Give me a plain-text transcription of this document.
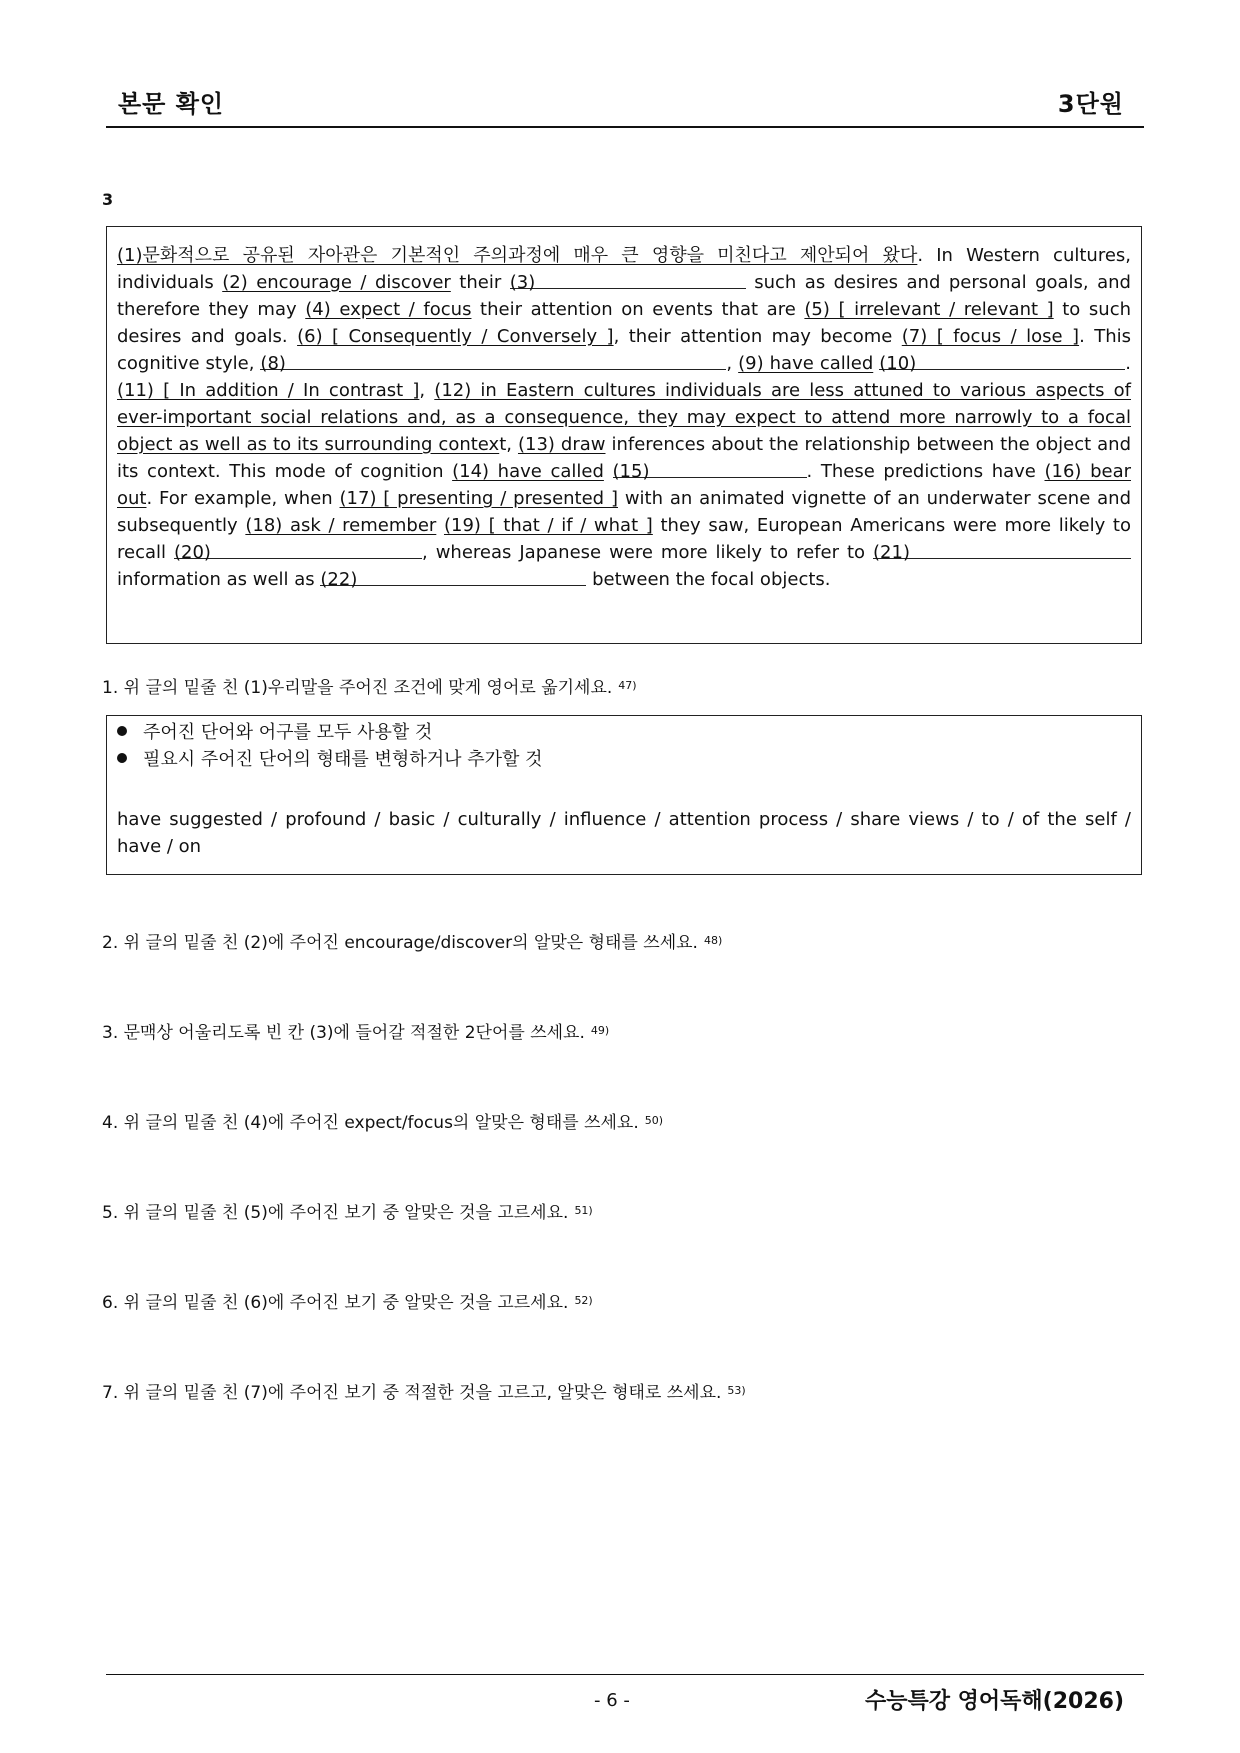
본문 확인	3단원
3
(1)문화적으로 공유된 자아관은 기본적인 주의과정에 매우 큰 영향을 미친다고 제안되어 왔다. In Western cultures,
individuals (2) encourage / discover their (3)	such as desires and personal goals, and
therefore they may (4) expect / focus their attention on events that are (5) [ irrelevant / relevant ] to such
desires and goals. (6) [ Consequently / Conversely ], their attention may become (7) [ focus / lose ]. This
cognitive style, (8)	, (9) have called (10)	.
(11) [ In addition / In contrast ], (12) in Eastern cultures individuals are less attuned to various aspects of
ever-important social relations and, as a consequence, they may expect to attend more narrowly to a focal
object as well as to its surrounding context, (13) draw inferences about the relationship between the object and
its context. This mode of cognition (14) have called (15)	. These predictions have (16) bear
out. For example, when (17) [ presenting / presented ] with an animated vignette of an underwater scene and
subsequently (18) ask / remember (19) [ that / if / what ] they saw, European Americans were more likely to
recall (20)	, whereas Japanese were more likely to refer to (21)
information as well as (22)	between the focal objects.
1. 위 글의 밑줄 친 (1)우리말을 주어진 조건에 맞게 영어로 옮기세요. $^{47)}$
주어진 단어와 어구를 모두 사용할 것
필요시 주어진 단어의 형태를 변형하거나 추가할 것
have suggested / profound / basic / culturally / influence / attention process / share views / to / of the self /
have / on
2. 위 글의 밑줄 친 (2)에 주어진 encourage/discover의 알맞은 형태를 쓰세요. $^{48)}$
3. 문맥상 어울리도록 빈 칸 (3)에 들어갈 적절한 2단어를 쓰세요. $^{49)}$
4. 위 글의 밑줄 친 (4)에 주어진 expect/focus의 알맞은 형태를 쓰세요. $^{50)}$
5. 위 글의 밑줄 친 (5)에 주어진 보기 중 알맞은 것을 고르세요. $^{51)}$
6. 위 글의 밑줄 친 (6)에 주어진 보기 중 알맞은 것을 고르세요. $^{52)}$
7. 위 글의 밑줄 친 (7)에 주어진 보기 중 적절한 것을 고르고, 알맞은 형태로 쓰세요. $^{53)}$
- 6 -	수능특강 영어독해(2026)
